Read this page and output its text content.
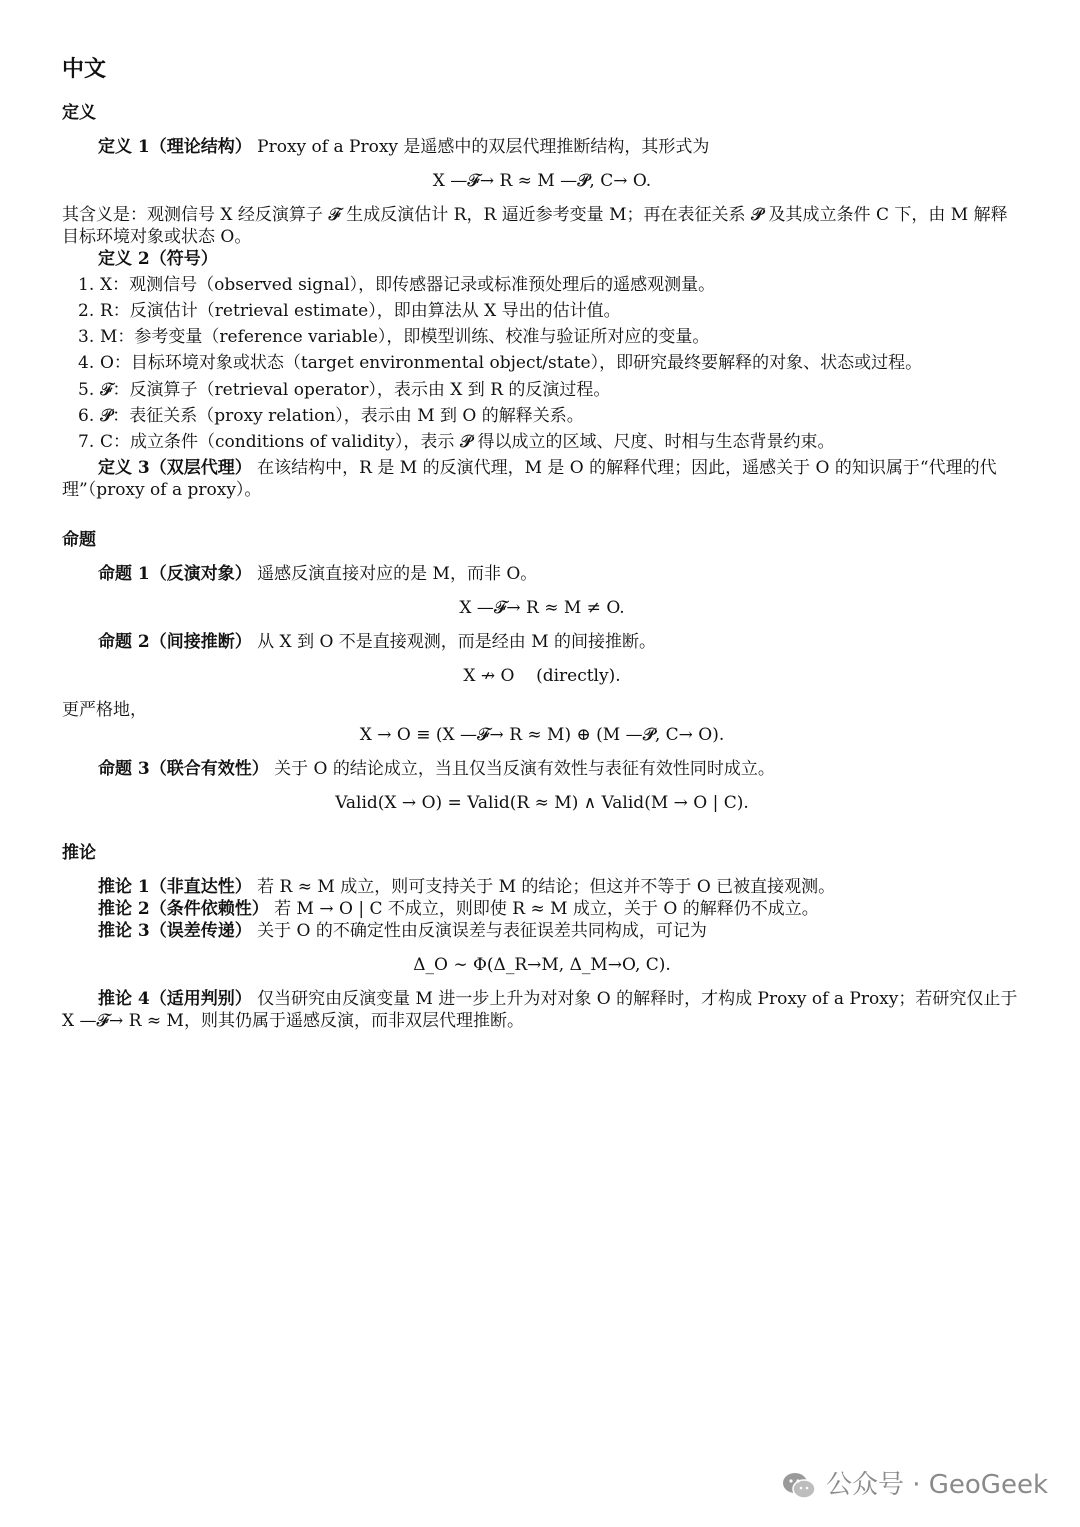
中文
定义

定义 1（理论结构） Proxy of a Proxy 是遥感中的双层代理推断结构，其形式为

X —𝓕→ R ≈ M —𝓟, C→ O.

其含义是：观测信号 X 经反演算子 𝓕 生成反演估计 R，R 逼近参考变量 M；再在表征关系 𝓟 及其成立条件 C 下，由 M 解释目标环境对象或状态 O。

定义 2（符号）

1. X：观测信号（observed signal），即传感器记录或标准预处理后的遥感观测量。
2. R：反演估计（retrieval estimate），即由算法从 X 导出的估计值。
3. M：参考变量（reference variable），即模型训练、校准与验证所对应的变量。
4. O：目标环境对象或状态（target environmental object/state），即研究最终要解释的对象、状态或过程。
5. 𝓕：反演算子（retrieval operator），表示由 X 到 R 的反演过程。
6. 𝓟：表征关系（proxy relation），表示由 M 到 O 的解释关系。
7. C：成立条件（conditions of validity），表示 𝓟 得以成立的区域、尺度、时相与生态背景约束。

定义 3（双层代理） 在该结构中，R 是 M 的反演代理，M 是 O 的解释代理；因此，遥感关于 O 的知识属于“代理的代理”（proxy of a proxy）。

命题

命题 1（反演对象） 遥感反演直接对应的是 M，而非 O。

X —𝓕→ R ≈ M ≠ O.

命题 2（间接推断） 从 X 到 O 不是直接观测，而是经由 M 的间接推断。

X ↛ O    (directly).

更严格地，

X → O ≡ (X —𝓕→ R ≈ M) ⊕ (M —𝓟, C→ O).

命题 3（联合有效性） 关于 O 的结论成立，当且仅当反演有效性与表征有效性同时成立。

Valid(X → O) = Valid(R ≈ M) ∧ Valid(M → O | C).
推论

推论 1（非直达性） 若 R ≈ M 成立，则可支持关于 M 的结论；但这并不等于 O 已被直接观测。

推论 2（条件依赖性） 若 M → O | C 不成立，则即使 R ≈ M 成立，关于 O 的解释仍不成立。

推论 3（误差传递） 关于 O 的不确定性由反演误差与表征误差共同构成，可记为

Δ_O ∼ Φ(Δ_R→M, Δ_M→O, C).

推论 4（适用判别） 仅当研究由反演变量 M 进一步上升为对对象 O 的解释时，才构成 Proxy of a Proxy；若研究仅止于 X —𝓕→ R ≈ M，则其仍属于遥感反演，而非双层代理推断。

公众号 · GeoGeek
